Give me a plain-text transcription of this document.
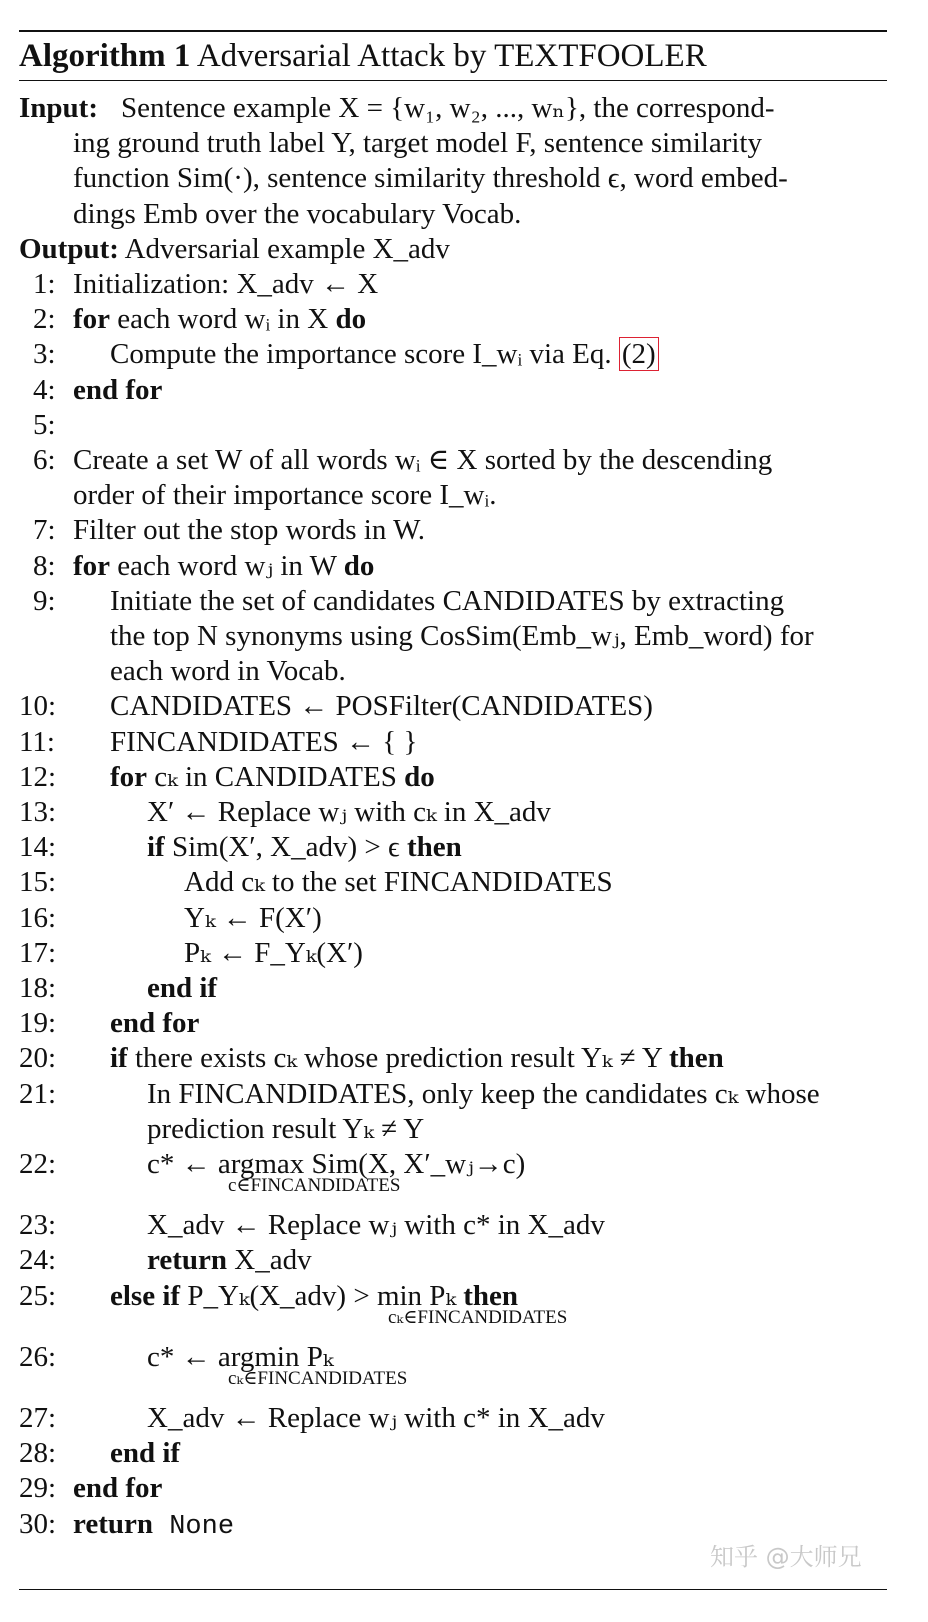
Algorithm 1 Adversarial Attack by TEXTFOOLER
Input: Sentence example X = {w₁, w₂, ..., wₙ}, the correspond-
ing ground truth label Y, target model F, sentence similarity
function Sim(·), sentence similarity threshold ϵ, word embed-
dings Emb over the vocabulary Vocab.
Output: Adversarial example X_adv
1: Initialization: X_adv ← X
2: for each word wᵢ in X do
3:	Compute the importance score I_wᵢ via Eq. (2)
4: end for
5:
6: Create a set W of all words wᵢ ∈ X sorted by the descending
order of their importance score I_wᵢ.
7: Filter out the stop words in W.
8: for each word wⱼ in W do
9:	Initiate the set of candidates CANDIDATES by extracting
the top N synonyms using CosSim(Emb_wⱼ, Emb_word) for
each word in Vocab.
10:	CANDIDATES ← POSFilter(CANDIDATES)
11:	FINCANDIDATES ← { }
12:	for cₖ in CANDIDATES do
13:	X′ ← Replace wⱼ with cₖ in X_adv
14:	if Sim(X′, X_adv) > ϵ then
15:	Add cₖ to the set FINCANDIDATES
16:	Yₖ ← F(X′)
17:	Pₖ ← F_Yₖ(X′)
18:	end if
19:	end for
20:	if there exists cₖ whose prediction result Yₖ ≠ Y then
21:	In FINCANDIDATES, only keep the candidates cₖ whose
prediction result Yₖ ≠ Y
22:	c* ← argmax Sim(X, X′_wⱼ→c)
c∈FINCANDIDATES
23:	X_adv ← Replace wⱼ with c* in X_adv
24:	return X_adv
25:	else if P_Yₖ(X_adv) > min Pₖ then
cₖ∈FINCANDIDATES
26:	c* ← argmin Pₖ
cₖ∈FINCANDIDATES
27:	X_adv ← Replace wⱼ with c* in X_adv
28:	end if
29: end for
30: return None
知乎 @大师兄
